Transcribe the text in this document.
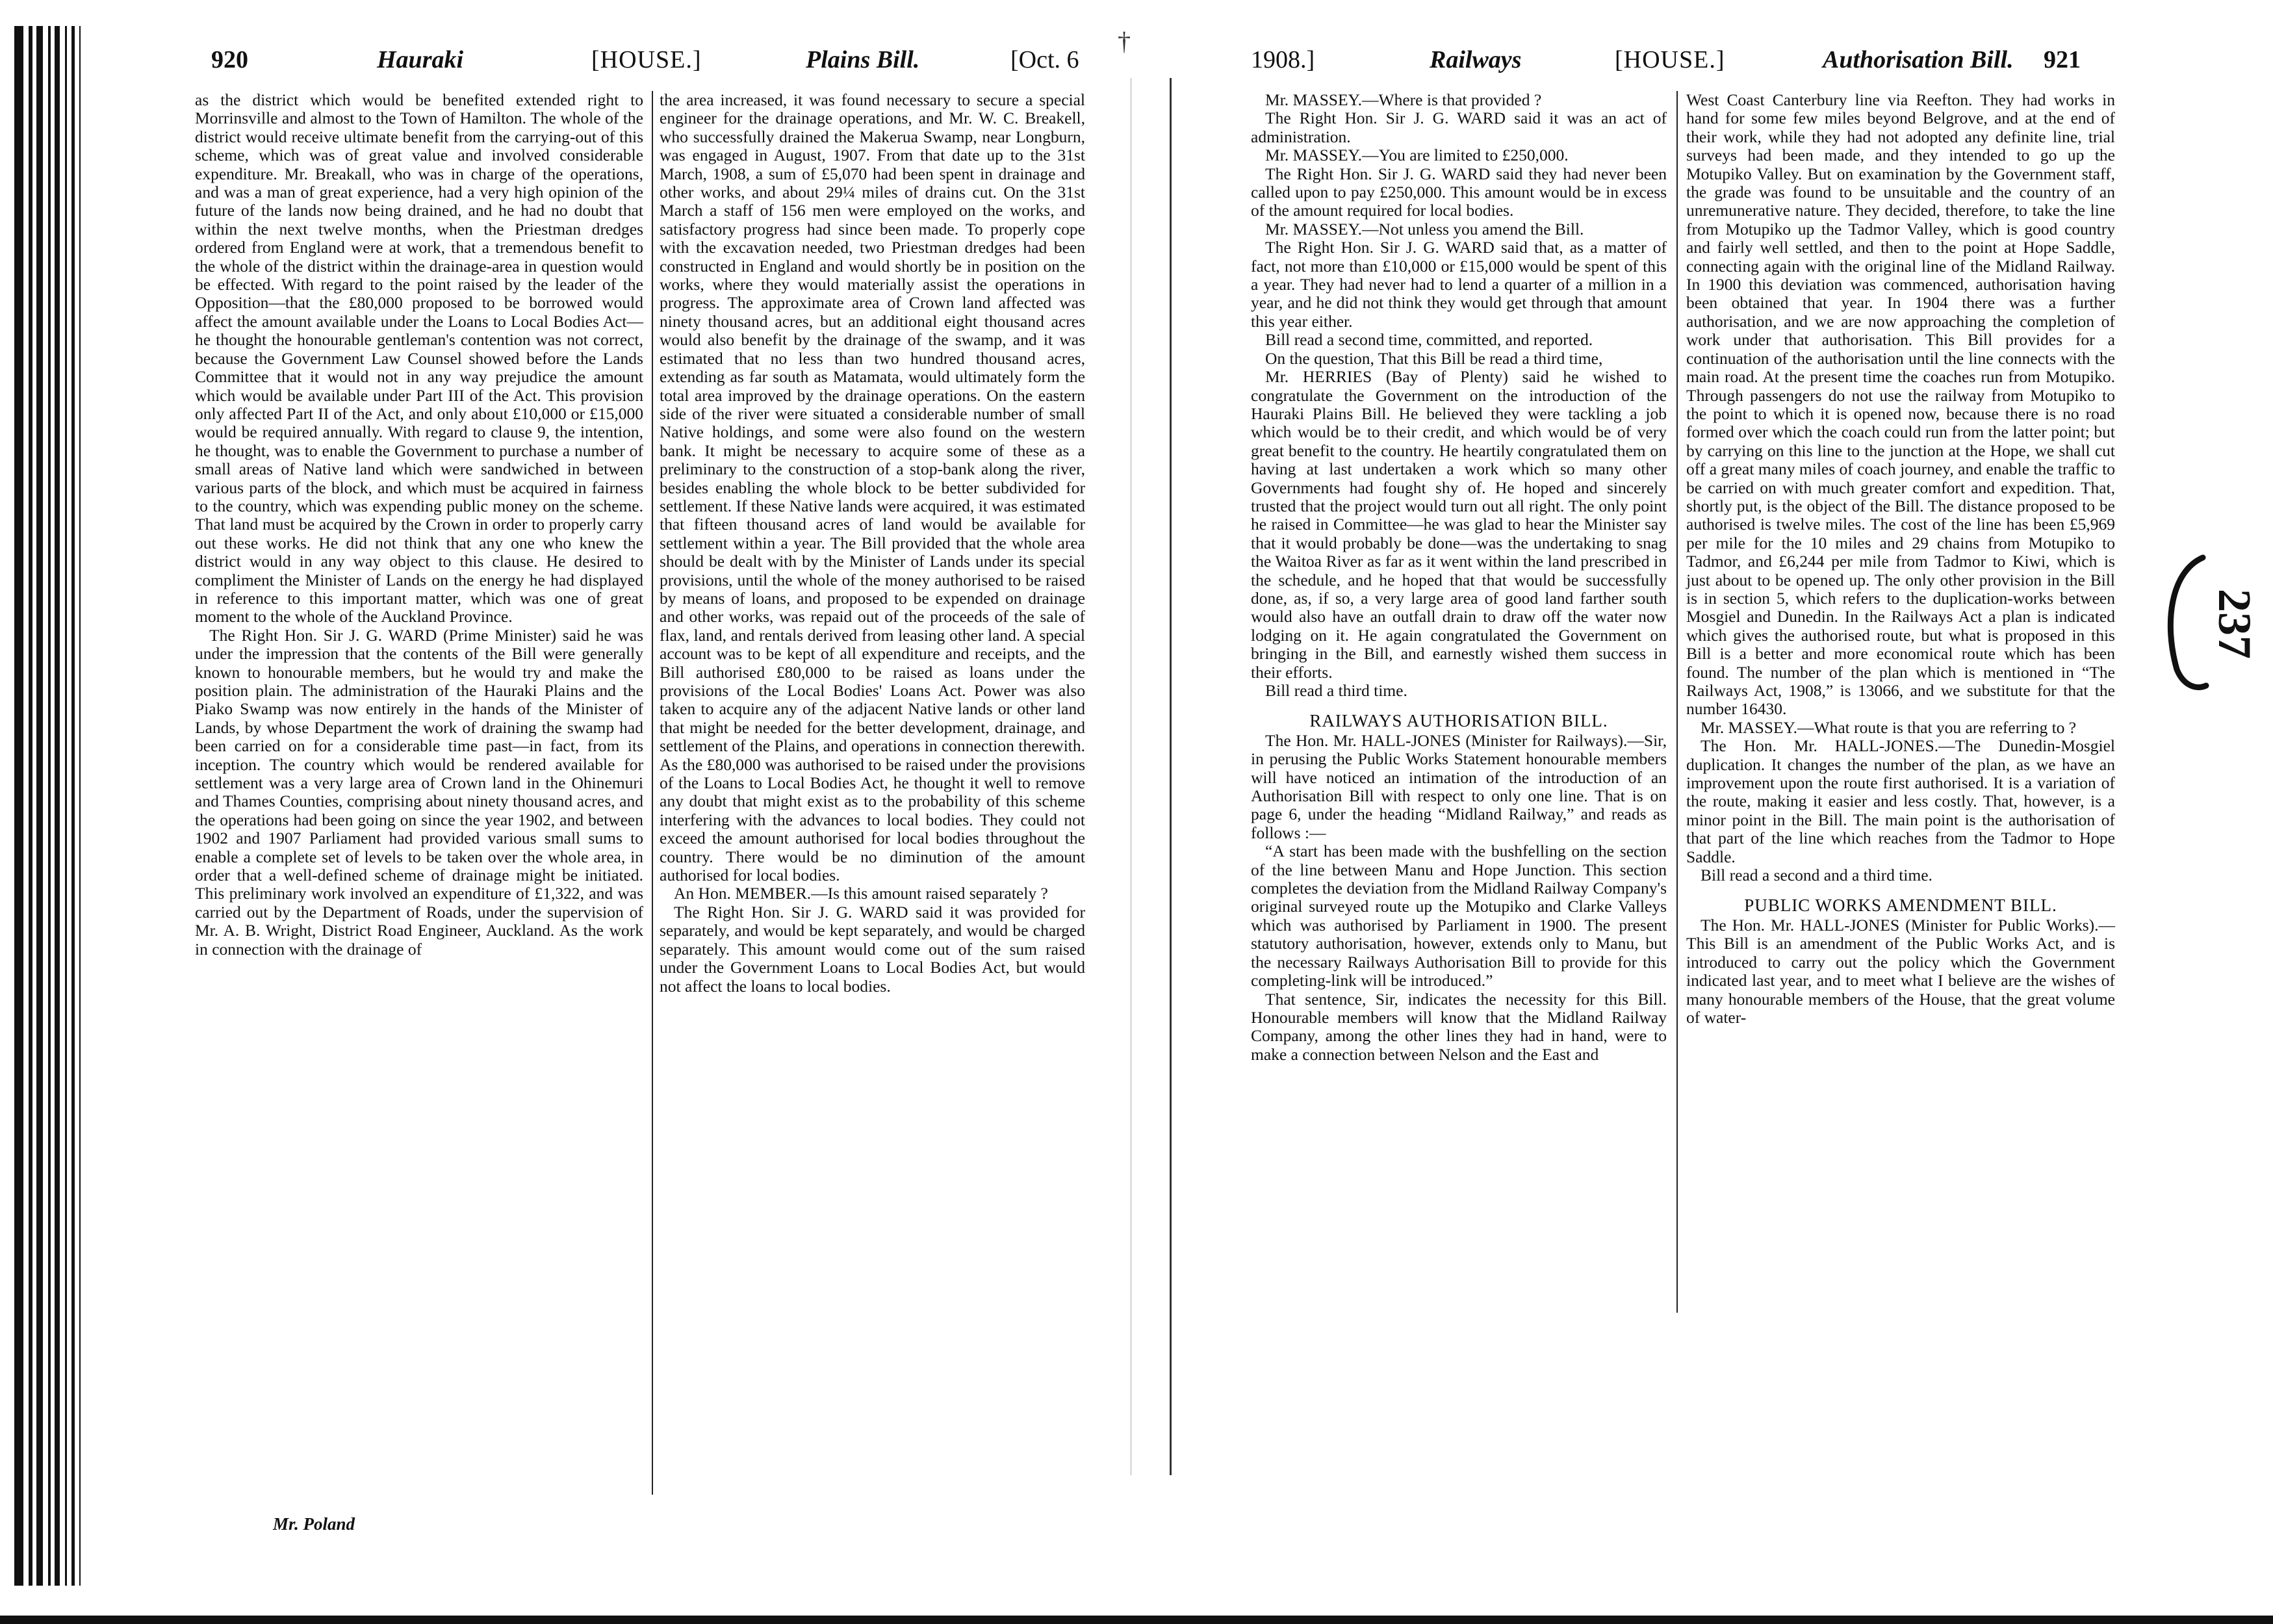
†
920	Hauraki	[HOUSE.]	Plains Bill.	[Oct. 6

as the district which would be benefited extended right to Morrinsville and almost to the Town of Hamilton. The whole of the district would receive ultimate benefit from the carrying-out of this scheme, which was of great value and involved considerable expenditure. Mr. Breakall, who was in charge of the operations, and was a man of great experience, had a very high opinion of the future of the lands now being drained, and he had no doubt that within the next twelve months, when the Priestman dredges ordered from England were at work, that a tremendous benefit to the whole of the district within the drainage-area in question would be effected. With regard to the point raised by the leader of the Opposition—that the £80,000 proposed to be borrowed would affect the amount available under the Loans to Local Bodies Act—he thought the honourable gentleman's contention was not correct, because the Government Law Counsel showed before the Lands Committee that it would not in any way prejudice the amount which would be available under Part III of the Act. This provision only affected Part II of the Act, and only about £10,000 or £15,000 would be required annually. With regard to clause 9, the intention, he thought, was to enable the Government to purchase a number of small areas of Native land which were sandwiched in between various parts of the block, and which must be acquired in fairness to the country, which was expending public money on the scheme. That land must be acquired by the Crown in order to properly carry out these works. He did not think that any one who knew the district would in any way object to this clause. He desired to compliment the Minister of Lands on the energy he had displayed in reference to this important matter, which was one of great moment to the whole of the Auckland Province.

The Right Hon. Sir J. G. WARD (Prime Minister) said he was under the impression that the contents of the Bill were generally known to honourable members, but he would try and make the position plain. The administration of the Hauraki Plains and the Piako Swamp was now entirely in the hands of the Minister of Lands, by whose Department the work of draining the swamp had been carried on for a considerable time past—in fact, from its inception. The country which would be rendered available for settlement was a very large area of Crown land in the Ohinemuri and Thames Counties, comprising about ninety thousand acres, and the operations had been going on since the year 1902, and between 1902 and 1907 Parliament had provided various small sums to enable a complete set of levels to be taken over the whole area, in order that a well-defined scheme of drainage might be initiated. This preliminary work involved an expenditure of £1,322, and was carried out by the Department of Roads, under the supervision of Mr. A. B. Wright, District Road Engineer, Auckland. As the work in connection with the drainage of

the area increased, it was found necessary to secure a special engineer for the drainage operations, and Mr. W. C. Breakell, who successfully drained the Makerua Swamp, near Longburn, was engaged in August, 1907. From that date up to the 31st March, 1908, a sum of £5,070 had been spent in drainage and other works, and about 29¼ miles of drains cut. On the 31st March a staff of 156 men were employed on the works, and satisfactory progress had since been made. To properly cope with the excavation needed, two Priestman dredges had been constructed in England and would shortly be in position on the works, where they would materially assist the operations in progress. The approximate area of Crown land affected was ninety thousand acres, but an additional eight thousand acres would also benefit by the drainage of the swamp, and it was estimated that no less than two hundred thousand acres, extending as far south as Matamata, would ultimately form the total area improved by the drainage operations. On the eastern side of the river were situated a considerable number of small Native holdings, and some were also found on the western bank. It might be necessary to acquire some of these as a preliminary to the construction of a stop-bank along the river, besides enabling the whole block to be better subdivided for settlement. If these Native lands were acquired, it was estimated that fifteen thousand acres of land would be available for settlement within a year. The Bill provided that the whole area should be dealt with by the Minister of Lands under its special provisions, until the whole of the money authorised to be raised by means of loans, and proposed to be expended on drainage and other works, was repaid out of the proceeds of the sale of flax, land, and rentals derived from leasing other land. A special account was to be kept of all expenditure and receipts, and the Bill authorised £80,000 to be raised as loans under the provisions of the Local Bodies' Loans Act. Power was also taken to acquire any of the adjacent Native lands or other land that might be needed for the better development, drainage, and settlement of the Plains, and operations in connection therewith. As the £80,000 was authorised to be raised under the provisions of the Loans to Local Bodies Act, he thought it well to remove any doubt that might exist as to the probability of this scheme interfering with the advances to local bodies. They could not exceed the amount authorised for local bodies throughout the country. There would be no diminution of the amount authorised for local bodies.

An Hon. MEMBER.—Is this amount raised separately ?

The Right Hon. Sir J. G. WARD said it was provided for separately, and would be kept separately, and would be charged separately. This amount would come out of the sum raised under the Government Loans to Local Bodies Act, but would not affect the loans to local bodies.

Mr. Poland
1908.]	Railways	[HOUSE.]	Authorisation Bill. 921

Mr. MASSEY.—Where is that provided ?

The Right Hon. Sir J. G. WARD said it was an act of administration.

Mr. MASSEY.—You are limited to £250,000.

The Right Hon. Sir J. G. WARD said they had never been called upon to pay £250,000. This amount would be in excess of the amount required for local bodies.

Mr. MASSEY.—Not unless you amend the Bill.

The Right Hon. Sir J. G. WARD said that, as a matter of fact, not more than £10,000 or £15,000 would be spent of this a year. They had never had to lend a quarter of a million in a year, and he did not think they would get through that amount this year either.

Bill read a second time, committed, and reported.

On the question, That this Bill be read a third time,

Mr. HERRIES (Bay of Plenty) said he wished to congratulate the Government on the introduction of the Hauraki Plains Bill. He believed they were tackling a job which would be to their credit, and which would be of very great benefit to the country. He heartily congratulated them on having at last undertaken a work which so many other Governments had fought shy of. He hoped and sincerely trusted that the project would turn out all right. The only point he raised in Committee—he was glad to hear the Minister say that it would probably be done—was the undertaking to snag the Waitoa River as far as it went within the land prescribed in the schedule, and he hoped that that would be successfully done, as, if so, a very large area of good land farther south would also have an outfall drain to draw off the water now lodging on it. He again congratulated the Government on bringing in the Bill, and earnestly wished them success in their efforts.

Bill read a third time.

RAILWAYS AUTHORISATION BILL.

The Hon. Mr. HALL-JONES (Minister for Railways).—Sir, in perusing the Public Works Statement honourable members will have noticed an intimation of the introduction of an Authorisation Bill with respect to only one line. That is on page 6, under the heading “Midland Railway,” and reads as follows :—

“A start has been made with the bushfelling on the section of the line between Manu and Hope Junction. This section completes the deviation from the Midland Railway Company's original surveyed route up the Motupiko and Clarke Valleys which was authorised by Parliament in 1900. The present statutory authorisation, however, extends only to Manu, but the necessary Railways Authorisation Bill to provide for this completing-link will be introduced.”

That sentence, Sir, indicates the necessity for this Bill. Honourable members will know that the Midland Railway Company, among the other lines they had in hand, were to make a connection between Nelson and the East and

West Coast Canterbury line via Reefton. They had works in hand for some few miles beyond Belgrove, and at the end of their work, while they had not adopted any definite line, trial surveys had been made, and they intended to go up the Motupiko Valley. But on examination by the Government staff, the grade was found to be unsuitable and the country of an unremunerative nature. They decided, therefore, to take the line from Motupiko up the Tadmor Valley, which is good country and fairly well settled, and then to the point at Hope Saddle, connecting again with the original line of the Midland Railway. In 1900 this deviation was commenced, authorisation having been obtained that year. In 1904 there was a further authorisation, and we are now approaching the completion of work under that authorisation. This Bill provides for a continuation of the authorisation until the line connects with the main road. At the present time the coaches run from Motupiko. Through passengers do not use the railway from Motupiko to the point to which it is opened now, because there is no road formed over which the coach could run from the latter point; but by carrying on this line to the junction at the Hope, we shall cut off a great many miles of coach journey, and enable the traffic to be carried on with much greater comfort and expedition. That, shortly put, is the object of the Bill. The distance proposed to be authorised is twelve miles. The cost of the line has been £5,969 per mile for the 10 miles and 29 chains from Motupiko to Tadmor, and £6,244 per mile from Tadmor to Kiwi, which is just about to be opened up. The only other provision in the Bill is in section 5, which refers to the duplication-works between Mosgiel and Dunedin. In the Railways Act a plan is indicated which gives the authorised route, but what is proposed in this Bill is a better and more economical route which has been found. The number of the plan which is mentioned in “The Railways Act, 1908,” is 13066, and we substitute for that the number 16430.

Mr. MASSEY.—What route is that you are referring to ?

The Hon. Mr. HALL-JONES.—The Dunedin-Mosgiel duplication. It changes the number of the plan, as we have an improvement upon the route first authorised. It is a variation of the route, making it easier and less costly. That, however, is a minor point in the Bill. The main point is the authorisation of that part of the line which reaches from the Tadmor to Hope Saddle.

Bill read a second and a third time.

PUBLIC WORKS AMENDMENT BILL.

The Hon. Mr. HALL-JONES (Minister for Public Works).—This Bill is an amendment of the Public Works Act, and is introduced to carry out the policy which the Government indicated last year, and to meet what I believe are the wishes of many honourable members of the House, that the great volume of water-

237
